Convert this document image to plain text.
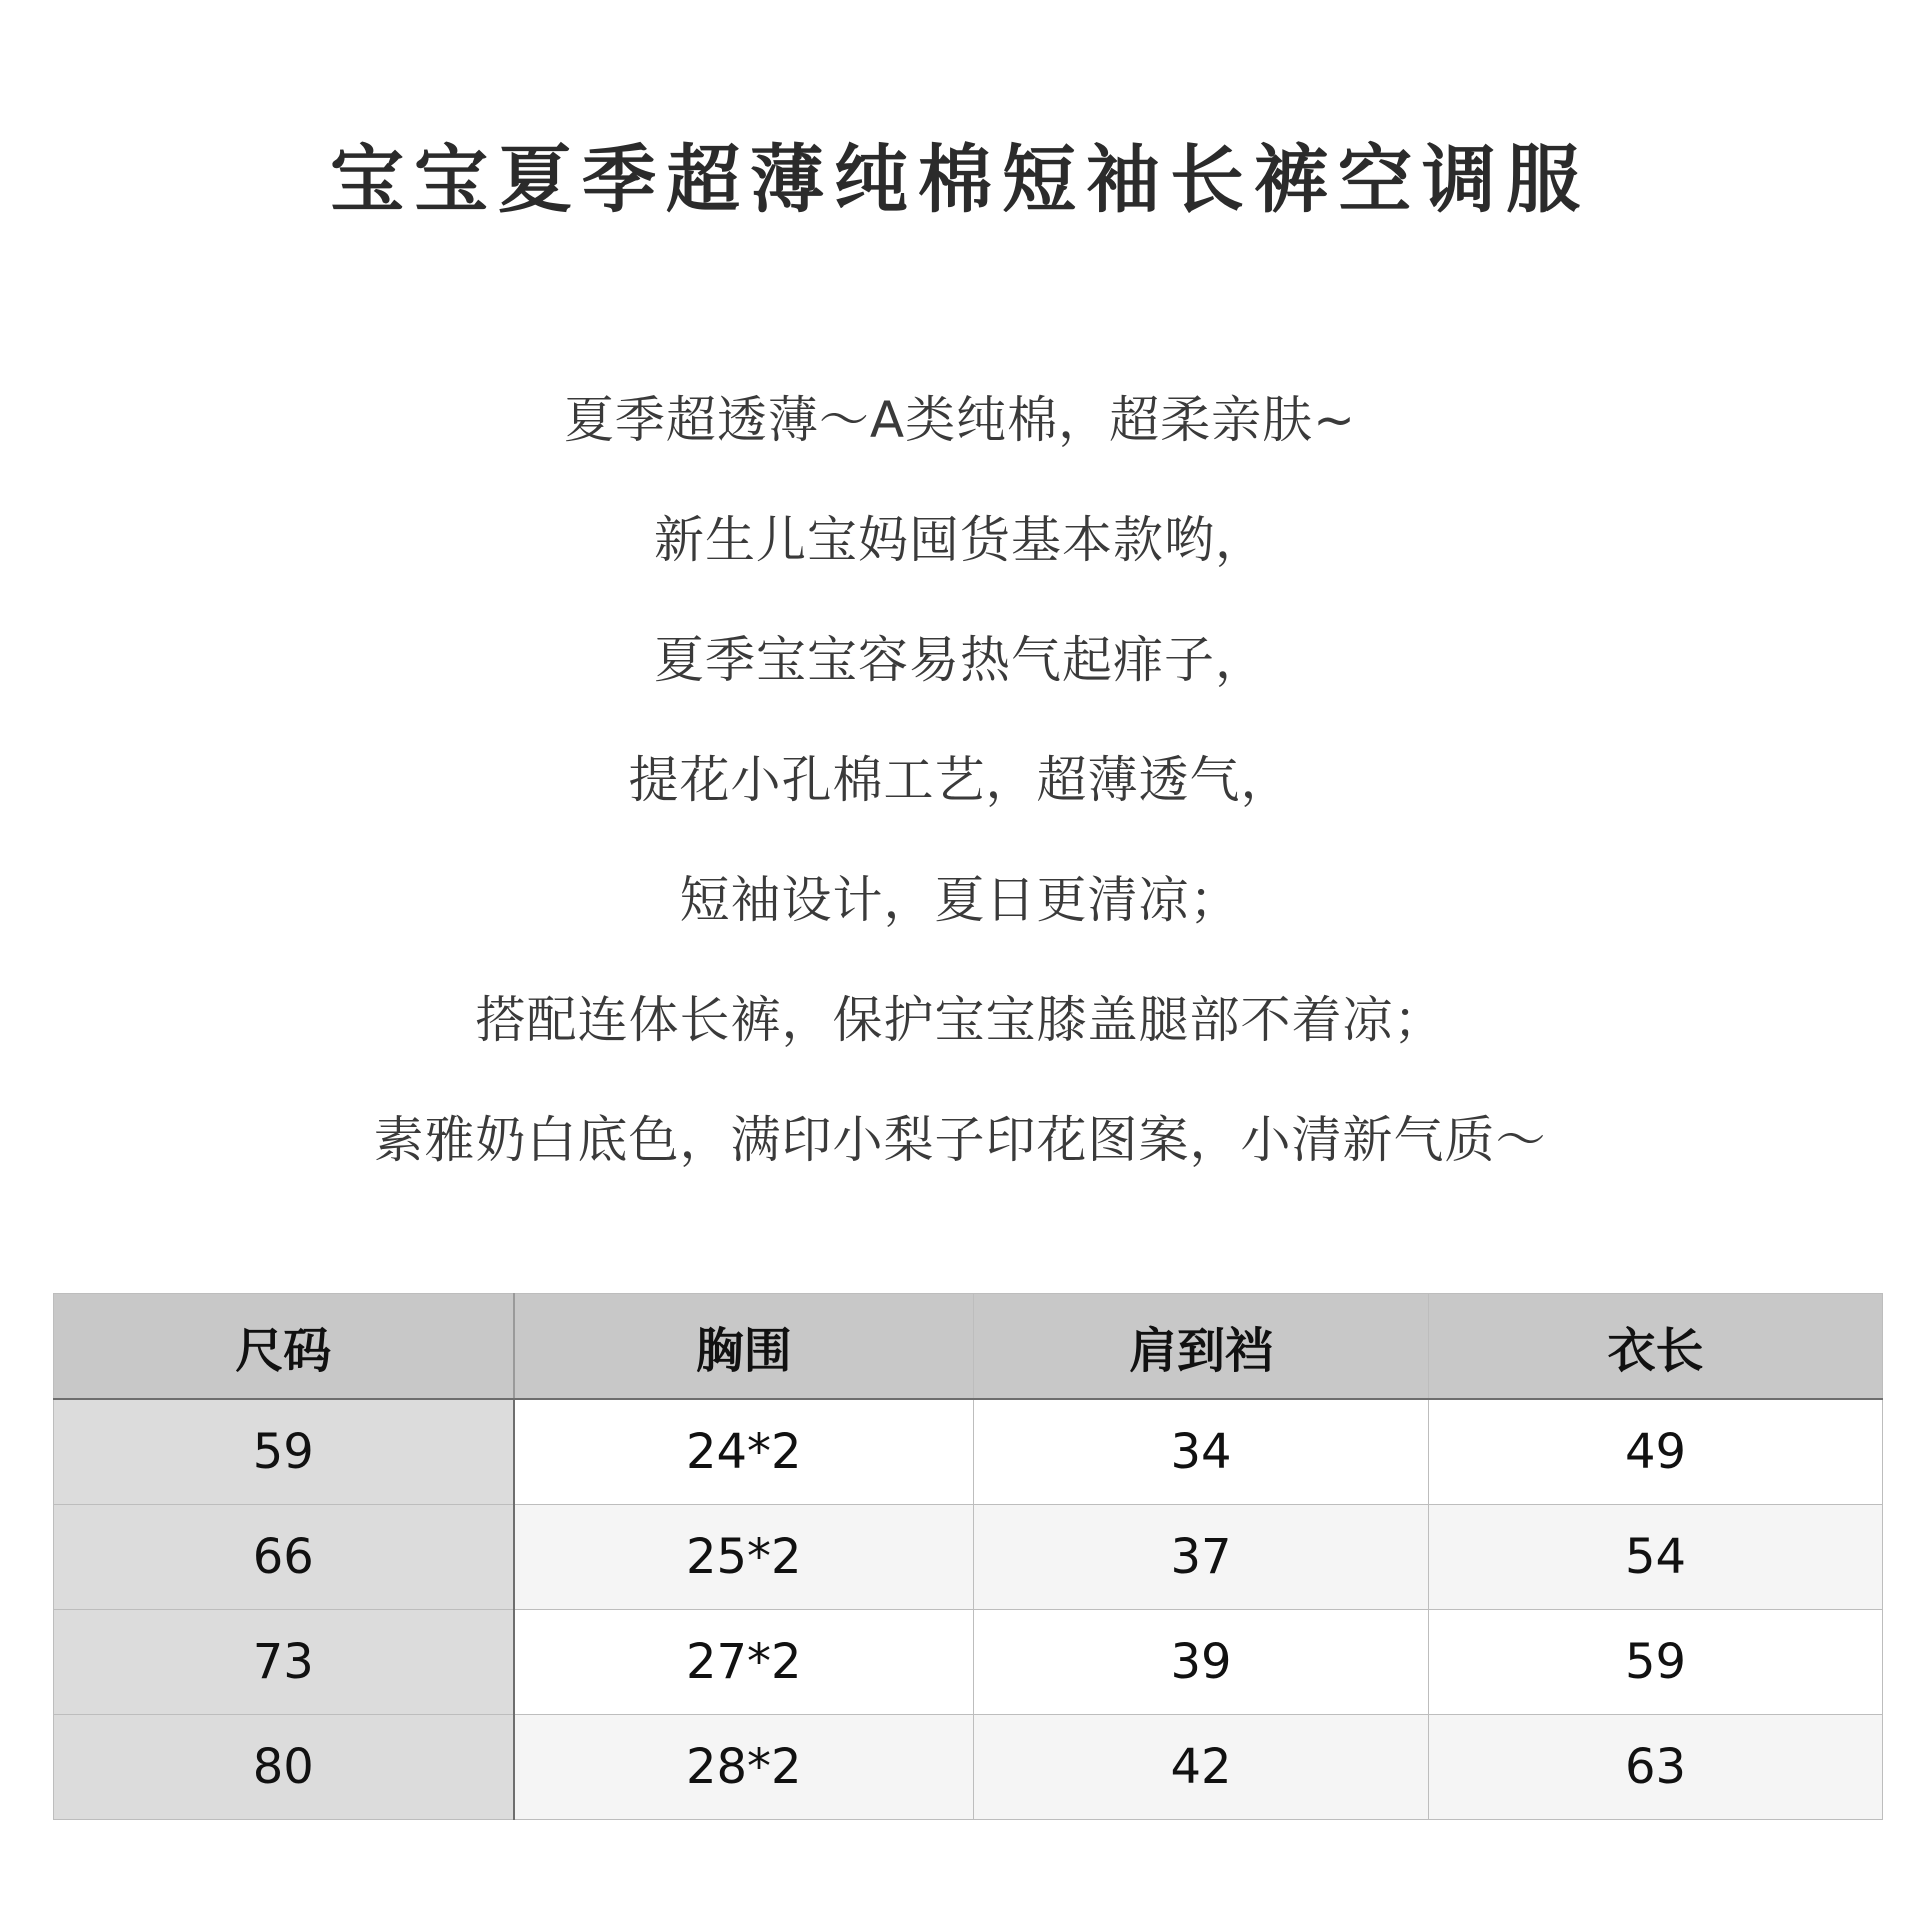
宝宝夏季超薄纯棉短袖长裤空调服
夏季超透薄～A类纯棉，超柔亲肤~
新生儿宝妈囤货基本款哟，
夏季宝宝容易热气起痱子，
提花小孔棉工艺，超薄透气，
短袖设计，夏日更清凉；
搭配连体长裤，保护宝宝膝盖腿部不着凉；
素雅奶白底色，满印小梨子印花图案，小清新气质～
尺码	胸围	肩到裆	衣长
59	24*2	34	49
66	25*2	37	54
73	27*2	39	59
80	28*2	42	63
